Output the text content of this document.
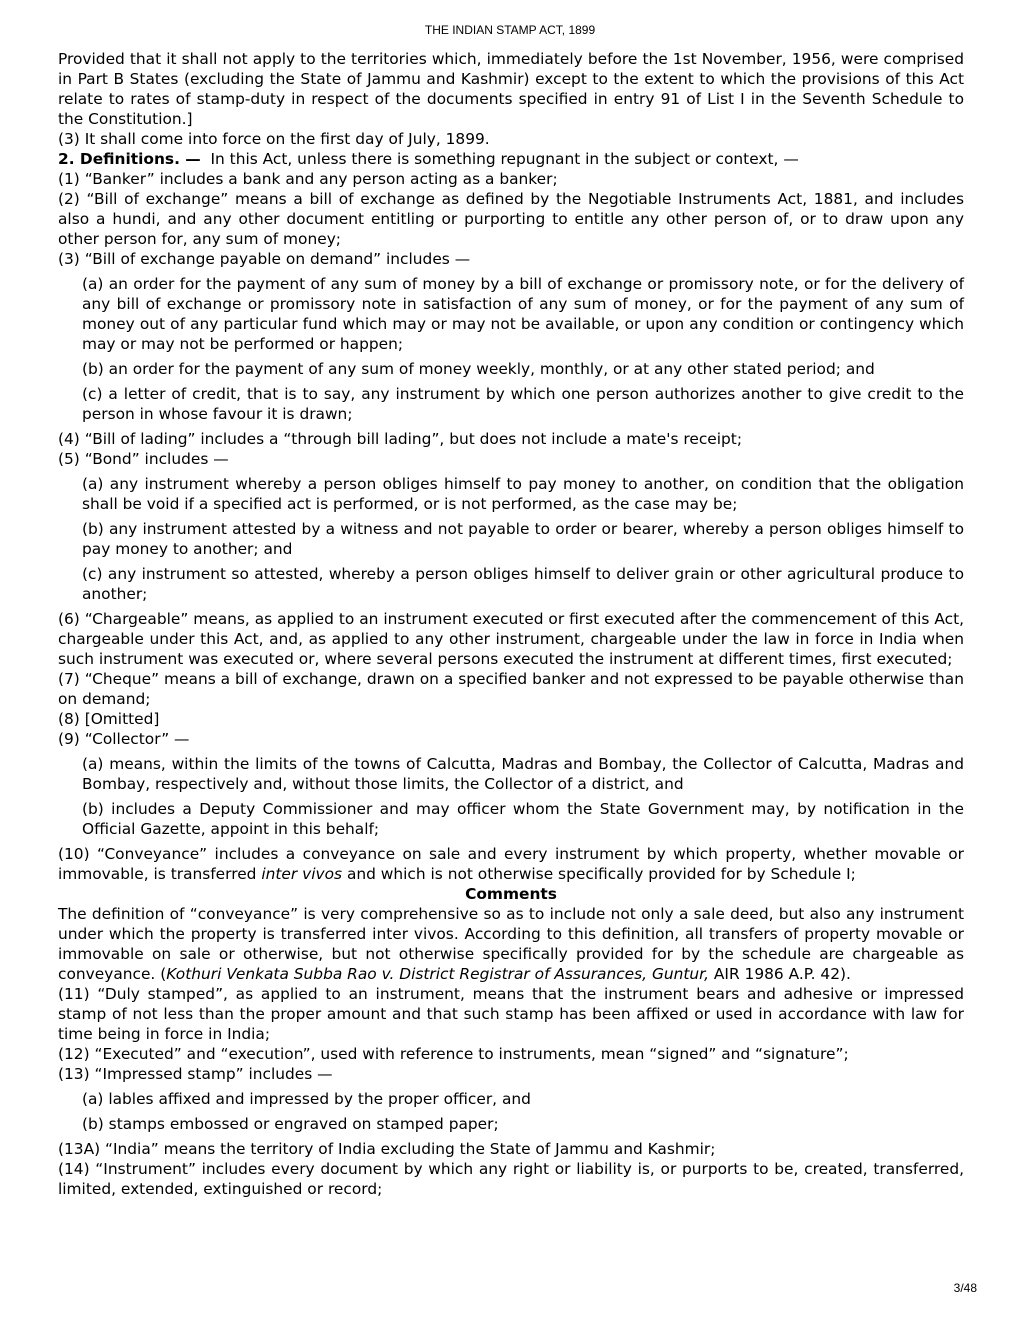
THE INDIAN STAMP ACT, 1899

Provided that it shall not apply to the territories which, immediately before the 1st November, 1956, were comprised in Part B States (excluding the State of Jammu and Kashmir) except to the extent to which the provisions of this Act relate to rates of stamp-duty in respect of the documents specified in entry 91 of List I in the Seventh Schedule to the Constitution.]

(3) It shall come into force on the first day of July, 1899.

2. Definitions. — In this Act, unless there is something repugnant in the subject or context, —

(1) “Banker” includes a bank and any person acting as a banker;

(2) “Bill of exchange” means a bill of exchange as defined by the Negotiable Instruments Act, 1881, and includes also a hundi, and any other document entitling or purporting to entitle any other person of, or to draw upon any other person for, any sum of money;

(3) “Bill of exchange payable on demand” includes —

(a) an order for the payment of any sum of money by a bill of exchange or promissory note, or for the delivery of any bill of exchange or promissory note in satisfaction of any sum of money, or for the payment of any sum of money out of any particular fund which may or may not be available, or upon any condition or contingency which may or may not be performed or happen;

(b) an order for the payment of any sum of money weekly, monthly, or at any other stated period; and

(c) a letter of credit, that is to say, any instrument by which one person authorizes another to give credit to the person in whose favour it is drawn;

(4) “Bill of lading” includes a “through bill lading”, but does not include a mate's receipt;

(5) “Bond” includes —

(a) any instrument whereby a person obliges himself to pay money to another, on condition that the obligation shall be void if a specified act is performed, or is not performed, as the case may be;

(b) any instrument attested by a witness and not payable to order or bearer, whereby a person obliges himself to pay money to another; and

(c) any instrument so attested, whereby a person obliges himself to deliver grain or other agricultural produce to another;

(6) “Chargeable” means, as applied to an instrument executed or first executed after the commencement of this Act, chargeable under this Act, and, as applied to any other instrument, chargeable under the law in force in India when such instrument was executed or, where several persons executed the instrument at different times, first executed;

(7) “Cheque” means a bill of exchange, drawn on a specified banker and not expressed to be payable otherwise than on demand;

(8) [Omitted]

(9) “Collector” —

(a) means, within the limits of the towns of Calcutta, Madras and Bombay, the Collector of Calcutta, Madras and Bombay, respectively and, without those limits, the Collector of a district, and

(b) includes a Deputy Commissioner and may officer whom the State Government may, by notification in the Official Gazette, appoint in this behalf;

(10) “Conveyance” includes a conveyance on sale and every instrument by which property, whether movable or immovable, is transferred inter vivos and which is not otherwise specifically provided for by Schedule I;

Comments

The definition of “conveyance” is very comprehensive so as to include not only a sale deed, but also any instrument under which the property is transferred inter vivos. According to this definition, all transfers of property movable or immovable on sale or otherwise, but not otherwise specifically provided for by the schedule are chargeable as conveyance. (Kothuri Venkata Subba Rao v. District Registrar of Assurances, Guntur, AIR 1986 A.P. 42).

(11) “Duly stamped”, as applied to an instrument, means that the instrument bears and adhesive or impressed stamp of not less than the proper amount and that such stamp has been affixed or used in accordance with law for time being in force in India;

(12) “Executed” and “execution”, used with reference to instruments, mean “signed” and “signature”;

(13) “Impressed stamp” includes —

(a) lables affixed and impressed by the proper officer, and

(b) stamps embossed or engraved on stamped paper;

(13A) “India” means the territory of India excluding the State of Jammu and Kashmir;

(14) “Instrument” includes every document by which any right or liability is, or purports to be, created, transferred, limited, extended, extinguished or record;

3/48
